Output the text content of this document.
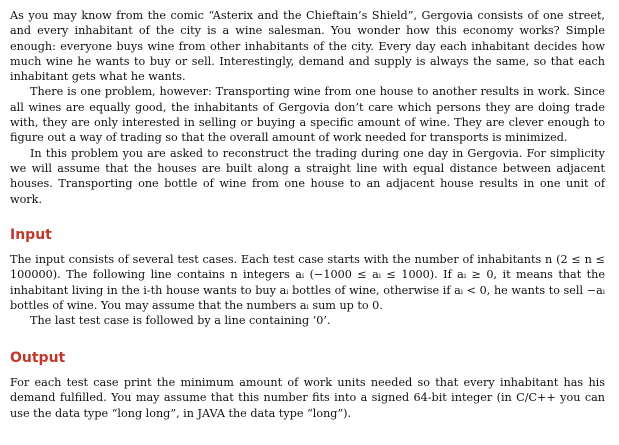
As you may know from the comic “Asterix and the Chieftain’s Shield”, Gergovia consists of one street, and every inhabitant of the city is a wine salesman. You wonder how this economy works? Simple enough: everyone buys wine from other inhabitants of the city. Every day each inhabitant decides how much wine he wants to buy or sell. Interestingly, demand and supply is always the same, so that each inhabitant gets what he wants.

There is one problem, however: Transporting wine from one house to another results in work. Since all wines are equally good, the inhabitants of Gergovia don’t care which persons they are doing trade with, they are only interested in selling or buying a specific amount of wine. They are clever enough to figure out a way of trading so that the overall amount of work needed for transports is minimized.

In this problem you are asked to reconstruct the trading during one day in Gergovia. For simplicity we will assume that the houses are built along a straight line with equal distance between adjacent houses. Transporting one bottle of wine from one house to an adjacent house results in one unit of work.

Input

The input consists of several test cases. Each test case starts with the number of inhabitants n (2 ≤ n ≤ 100000). The following line contains n integers aᵢ (−1000 ≤ aᵢ ≤ 1000). If aᵢ ≥ 0, it means that the inhabitant living in the i-th house wants to buy aᵢ bottles of wine, otherwise if aᵢ < 0, he wants to sell −aᵢ bottles of wine. You may assume that the numbers aᵢ sum up to 0.

The last test case is followed by a line containing ‘0’.

Output

For each test case print the minimum amount of work units needed so that every inhabitant has his demand fulfilled. You may assume that this number fits into a signed 64-bit integer (in C/C++ you can use the data type “long long”, in JAVA the data type “long”).
